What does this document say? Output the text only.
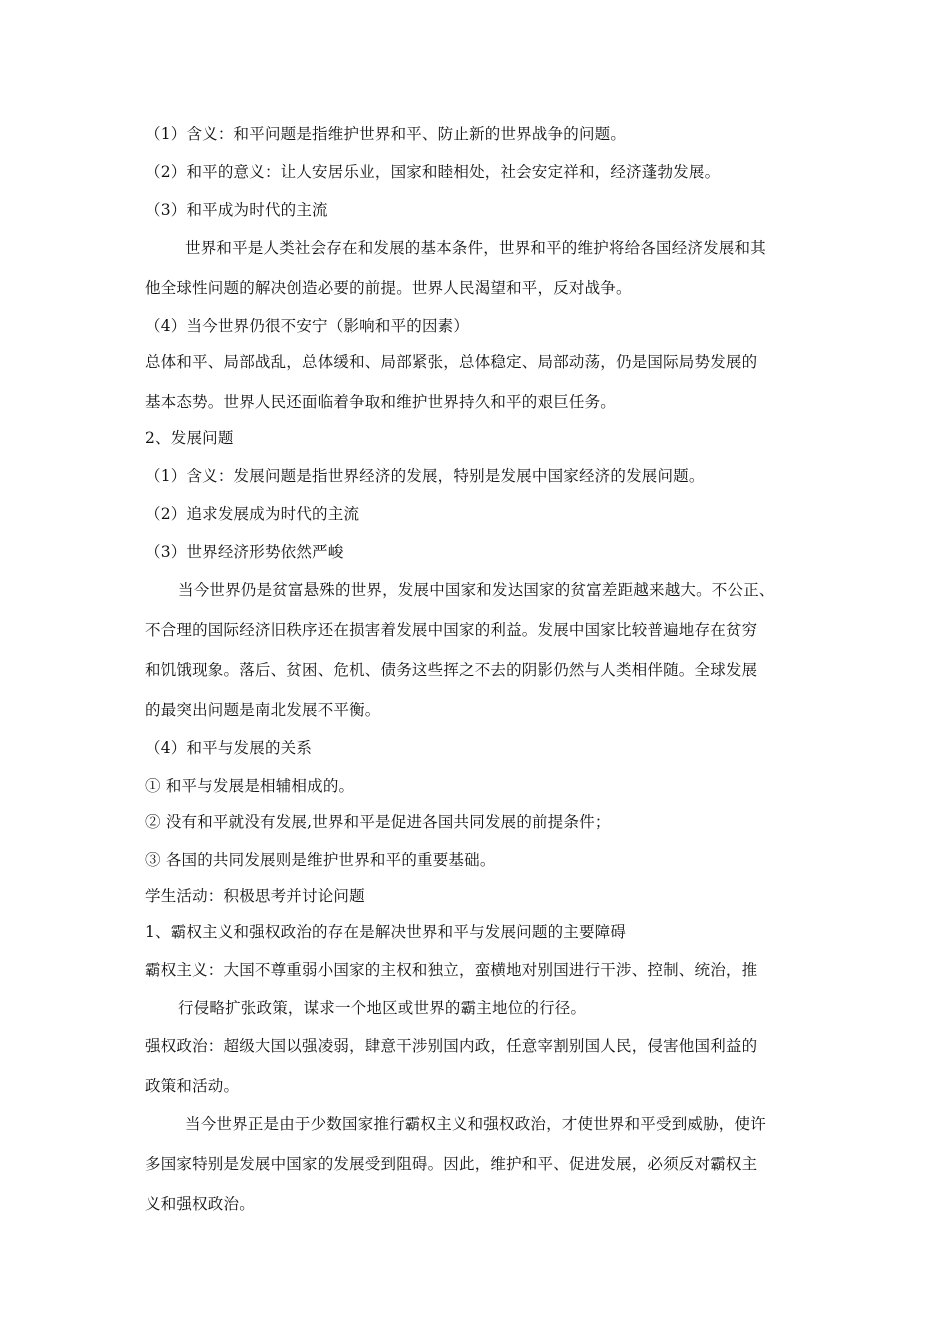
（1）含义：和平问题是指维护世界和平、防止新的世界战争的问题。
（2）和平的意义：让人安居乐业，国家和睦相处，社会安定祥和，经济蓬勃发展。
（3）和平成为时代的主流
世界和平是人类社会存在和发展的基本条件，世界和平的维护将给各国经济发展和其
他全球性问题的解决创造必要的前提。世界人民渴望和平，反对战争。
（4）当今世界仍很不安宁（影响和平的因素）
总体和平、局部战乱，总体缓和、局部紧张，总体稳定、局部动荡，仍是国际局势发展的
基本态势。世界人民还面临着争取和维护世界持久和平的艰巨任务。
2、发展问题
（1）含义：发展问题是指世界经济的发展，特别是发展中国家经济的发展问题。
（2）追求发展成为时代的主流
（3）世界经济形势依然严峻
当今世界仍是贫富悬殊的世界，发展中国家和发达国家的贫富差距越来越大。不公正、
不合理的国际经济旧秩序还在损害着发展中国家的利益。发展中国家比较普遍地存在贫穷
和饥饿现象。落后、贫困、危机、债务这些挥之不去的阴影仍然与人类相伴随。全球发展
的最突出问题是南北发展不平衡。
（4）和平与发展的关系
① 和平与发展是相辅相成的。
② 没有和平就没有发展,世界和平是促进各国共同发展的前提条件；
③ 各国的共同发展则是维护世界和平的重要基础。
学生活动：积极思考并讨论问题
1、霸权主义和强权政治的存在是解决世界和平与发展问题的主要障碍
霸权主义：大国不尊重弱小国家的主权和独立，蛮横地对别国进行干涉、控制、统治，推
行侵略扩张政策，谋求一个地区或世界的霸主地位的行径。
强权政治：超级大国以强凌弱，肆意干涉别国内政，任意宰割别国人民，侵害他国利益的
政策和活动。
当今世界正是由于少数国家推行霸权主义和强权政治，才使世界和平受到威胁，使许
多国家特别是发展中国家的发展受到阻碍。因此，维护和平、促进发展，必须反对霸权主
义和强权政治。
